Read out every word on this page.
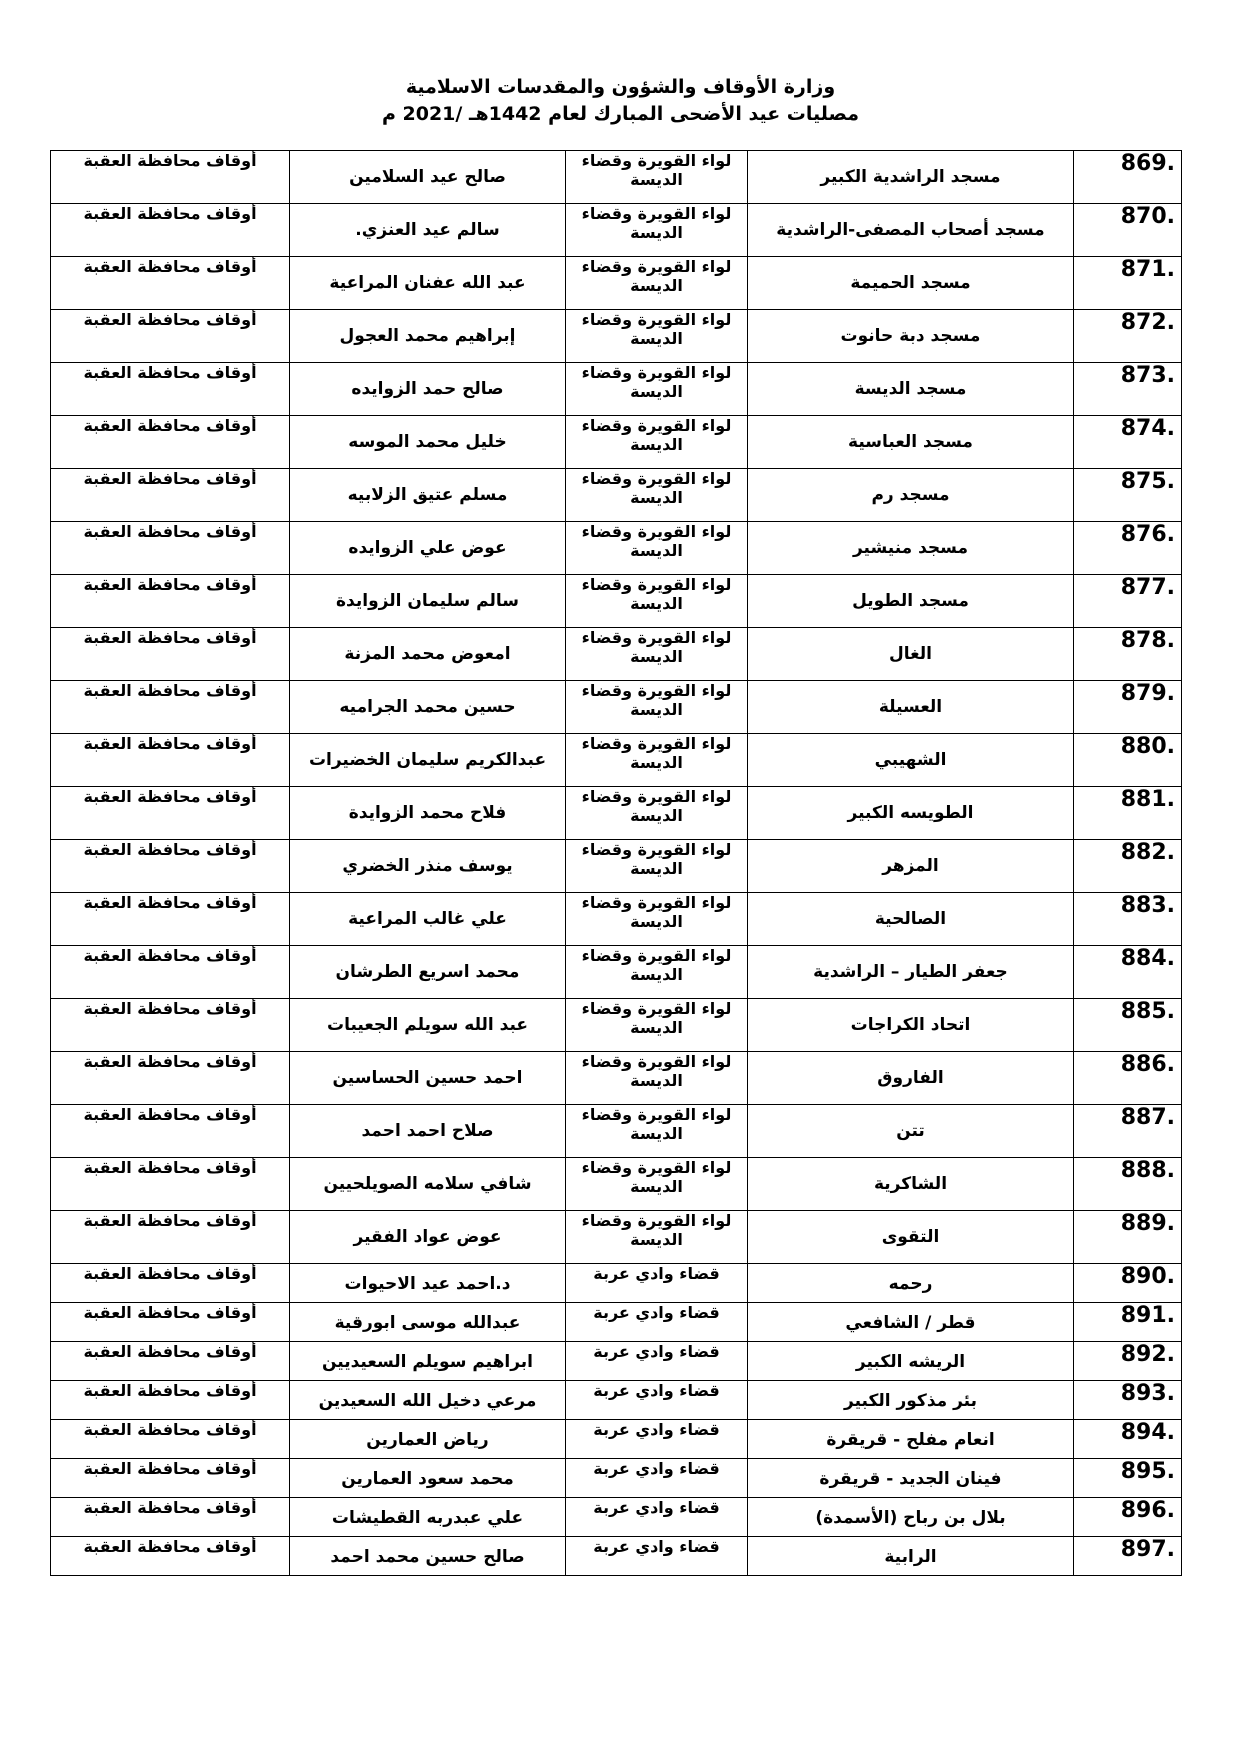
وزارة الأوقاف والشؤون والمقدسات الاسلامية
مصليات عيد الأضحى المبارك لعام 1442هـ /2021 م
869.	مسجد الراشدية الكبير	لواء القويرة وقضاء الديسة	صالح عيد السلامين	أوقاف محافظة العقبة
870.	مسجد أصحاب المصفى-الراشدية	لواء القويرة وقضاء الديسة	سالم عيد العنزي.	أوقاف محافظة العقبة
871.	مسجد الحميمة	لواء القويرة وقضاء الديسة	عبد الله عفنان المراعية	أوقاف محافظة العقبة
872.	مسجد دبة حانوت	لواء القويرة وقضاء الديسة	إبراهيم محمد العجول	أوقاف محافظة العقبة
873.	مسجد الديسة	لواء القويرة وقضاء الديسة	صالح حمد الزوايده	أوقاف محافظة العقبة
874.	مسجد العباسية	لواء القويرة وقضاء الديسة	خليل محمد الموسه	أوقاف محافظة العقبة
875.	مسجد رم	لواء القويرة وقضاء الديسة	مسلم عتيق الزلابيه	أوقاف محافظة العقبة
876.	مسجد منيشير	لواء القويرة وقضاء الديسة	عوض علي الزوايده	أوقاف محافظة العقبة
877.	مسجد الطويل	لواء القويرة وقضاء الديسة	سالم سليمان الزوايدة	أوقاف محافظة العقبة
878.	الغال	لواء القويرة وقضاء الديسة	امعوض محمد المزنة	أوقاف محافظة العقبة
879.	العسيلة	لواء القويرة وقضاء الديسة	حسين محمد الجراميه	أوقاف محافظة العقبة
880.	الشهيبي	لواء القويرة وقضاء الديسة	عبدالكريم سليمان الخضيرات	أوقاف محافظة العقبة
881.	الطويسه الكبير	لواء القويرة وقضاء الديسة	فلاح محمد الزوايدة	أوقاف محافظة العقبة
882.	المزهر	لواء القويرة وقضاء الديسة	يوسف منذر الخضري	أوقاف محافظة العقبة
883.	الصالحية	لواء القويرة وقضاء الديسة	علي غالب المراعية	أوقاف محافظة العقبة
884.	جعفر الطيار – الراشدية	لواء القويرة وقضاء الديسة	محمد اسريع الطرشان	أوقاف محافظة العقبة
885.	اتحاد الكراجات	لواء القويرة وقضاء الديسة	عبد الله سويلم الجعيبات	أوقاف محافظة العقبة
886.	الفاروق	لواء القويرة وقضاء الديسة	احمد حسين الحساسين	أوقاف محافظة العقبة
887.	تتن	لواء القويرة وقضاء الديسة	صلاح احمد احمد	أوقاف محافظة العقبة
888.	الشاكرية	لواء القويرة وقضاء الديسة	شافي سلامه الصويلحيين	أوقاف محافظة العقبة
889.	التقوى	لواء القويرة وقضاء الديسة	عوض عواد الفقير	أوقاف محافظة العقبة
890.	رحمه	قضاء وادي عربة	د.احمد عيد الاحيوات	أوقاف محافظة العقبة
891.	قطر / الشافعي	قضاء وادي عربة	عبدالله موسى ابورقية	أوقاف محافظة العقبة
892.	الريشه الكبير	قضاء وادي عربة	ابراهيم سويلم السعيديين	أوقاف محافظة العقبة
893.	بئر مذكور الكبير	قضاء وادي عربة	مرعي دخيل الله السعيدين	أوقاف محافظة العقبة
894.	انعام مفلح - قريقرة	قضاء وادي عربة	رياض العمارين	أوقاف محافظة العقبة
895.	فينان الجديد - قريقرة	قضاء وادي عربة	محمد سعود العمارين	أوقاف محافظة العقبة
896.	بلال بن رباح (الأسمدة)	قضاء وادي عربة	علي عبدربه القطيشات	أوقاف محافظة العقبة
897.	الرابية	قضاء وادي عربة	صالح حسين محمد احمد	أوقاف محافظة العقبة
